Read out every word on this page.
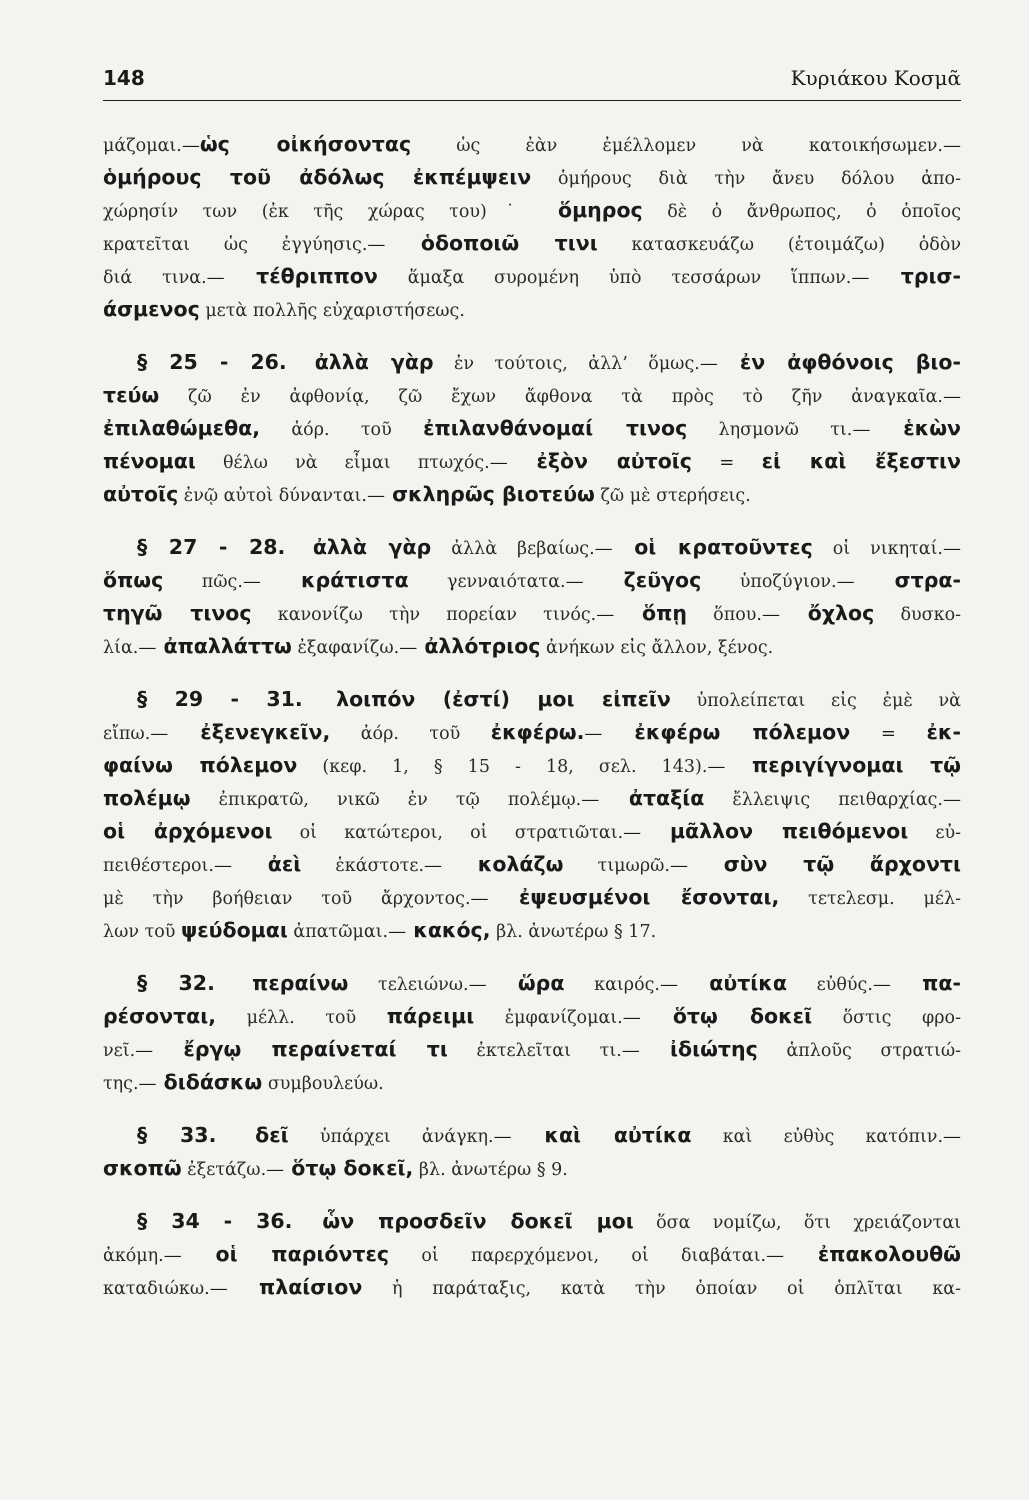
148	Κυριάκου Κοσμᾶ
μάζομαι.—ὡς οἰκήσοντας ὡς ἐὰν ἐμέλλομεν νὰ κατοικήσωμεν.—
ὁμήρους τοῦ ἀδόλως ἐκπέμψειν ὁμήρους διὰ τὴν ἄνευ δόλου ἀπο-
χώρησίν των (ἐκ τῆς χώρας του)˙ ὅμηρος δὲ ὁ ἄνθρωπος, ὁ ὁποῖος
κρατεῖται ὡς ἐγγύησις.— ὁδοποιῶ τινι κατασκευάζω (ἑτοιμάζω) ὁδὸν
διά τινα.— τέθριππον ἅμαξα συρομένη ὑπὸ τεσσάρων ἵππων.— τρισ-
άσμενος μετὰ πολλῆς εὐχαριστήσεως.
§ 25 - 26. ἀλλὰ γὰρ ἐν τούτοις, ἀλλ’ ὅμως.— ἐν ἀφθόνοις βιο-
τεύω ζῶ ἐν ἀφθονίᾳ, ζῶ ἔχων ἄφθονα τὰ πρὸς τὸ ζῆν ἀναγκαῖα.—
ἐπιλαθώμεθα, ἀόρ. τοῦ ἐπιλανθάνομαί τινος λησμονῶ τι.— ἑκὼν
πένομαι θέλω νὰ εἶμαι πτωχός.— ἐξὸν αὐτοῖς = εἰ καὶ ἔξεστιν
αὐτοῖς ἐνῷ αὐτοὶ δύνανται.— σκληρῶς βιοτεύω ζῶ μὲ στερήσεις.
§ 27 - 28. ἀλλὰ γὰρ ἀλλὰ βεβαίως.— οἱ κρατοῦντες οἱ νικηταί.—
ὅπως πῶς.— κράτιστα γενναιότατα.— ζεῦγος ὑποζύγιον.— στρα-
τηγῶ τινος κανονίζω τὴν πορείαν τινός.— ὅπῃ ὅπου.— ὄχλος δυσκο-
λία.— ἀπαλλάττω ἐξαφανίζω.— ἀλλότριος ἀνήκων εἰς ἄλλον, ξένος.
§ 29 - 31. λοιπόν (ἐστί) μοι εἰπεῖν ὑπολείπεται εἰς ἐμὲ νὰ
εἴπω.— ἐξενεγκεῖν, ἀόρ. τοῦ ἐκφέρω.— ἐκφέρω πόλεμον = ἐκ-
φαίνω πόλεμον (κεφ. 1, § 15 - 18, σελ. 143).— περιγίγνομαι τῷ
πολέμῳ ἐπικρατῶ, νικῶ ἐν τῷ πολέμῳ.— ἀταξία ἔλλειψις πειθαρχίας.—
οἱ ἀρχόμενοι οἱ κατώτεροι, οἱ στρατιῶται.— μᾶλλον πειθόμενοι εὐ-
πειθέστεροι.— ἀεὶ ἑκάστοτε.— κολάζω τιμωρῶ.— σὺν τῷ ἄρχοντι
μὲ τὴν βοήθειαν τοῦ ἄρχοντος.— ἐψευσμένοι ἔσονται, τετελεσμ. μέλ-
λων τοῦ ψεύδομαι ἀπατῶμαι.— κακός, βλ. ἀνωτέρω § 17.
§ 32. περαίνω τελειώνω.— ὥρα καιρός.— αὐτίκα εὐθύς.— πα-
ρέσονται, μέλλ. τοῦ πάρειμι ἐμφανίζομαι.— ὅτῳ δοκεῖ ὅστις φρο-
νεῖ.— ἔργῳ περαίνεταί τι ἐκτελεῖται τι.— ἰδιώτης ἁπλοῦς στρατιώ-
της.— διδάσκω συμβουλεύω.
§ 33. δεῖ ὑπάρχει ἀνάγκη.— καὶ αὐτίκα καὶ εὐθὺς κατόπιν.—
σκοπῶ ἐξετάζω.— ὅτῳ δοκεῖ, βλ. ἀνωτέρω § 9.
§ 34 - 36. ὧν προσδεῖν δοκεῖ μοι ὅσα νομίζω, ὅτι χρειάζονται
ἀκόμη.— οἱ παριόντες οἱ παρερχόμενοι, οἱ διαβάται.— ἐπακολουθῶ
καταδιώκω.— πλαίσιον ἡ παράταξις, κατὰ τὴν ὁποίαν οἱ ὁπλῖται κα-
